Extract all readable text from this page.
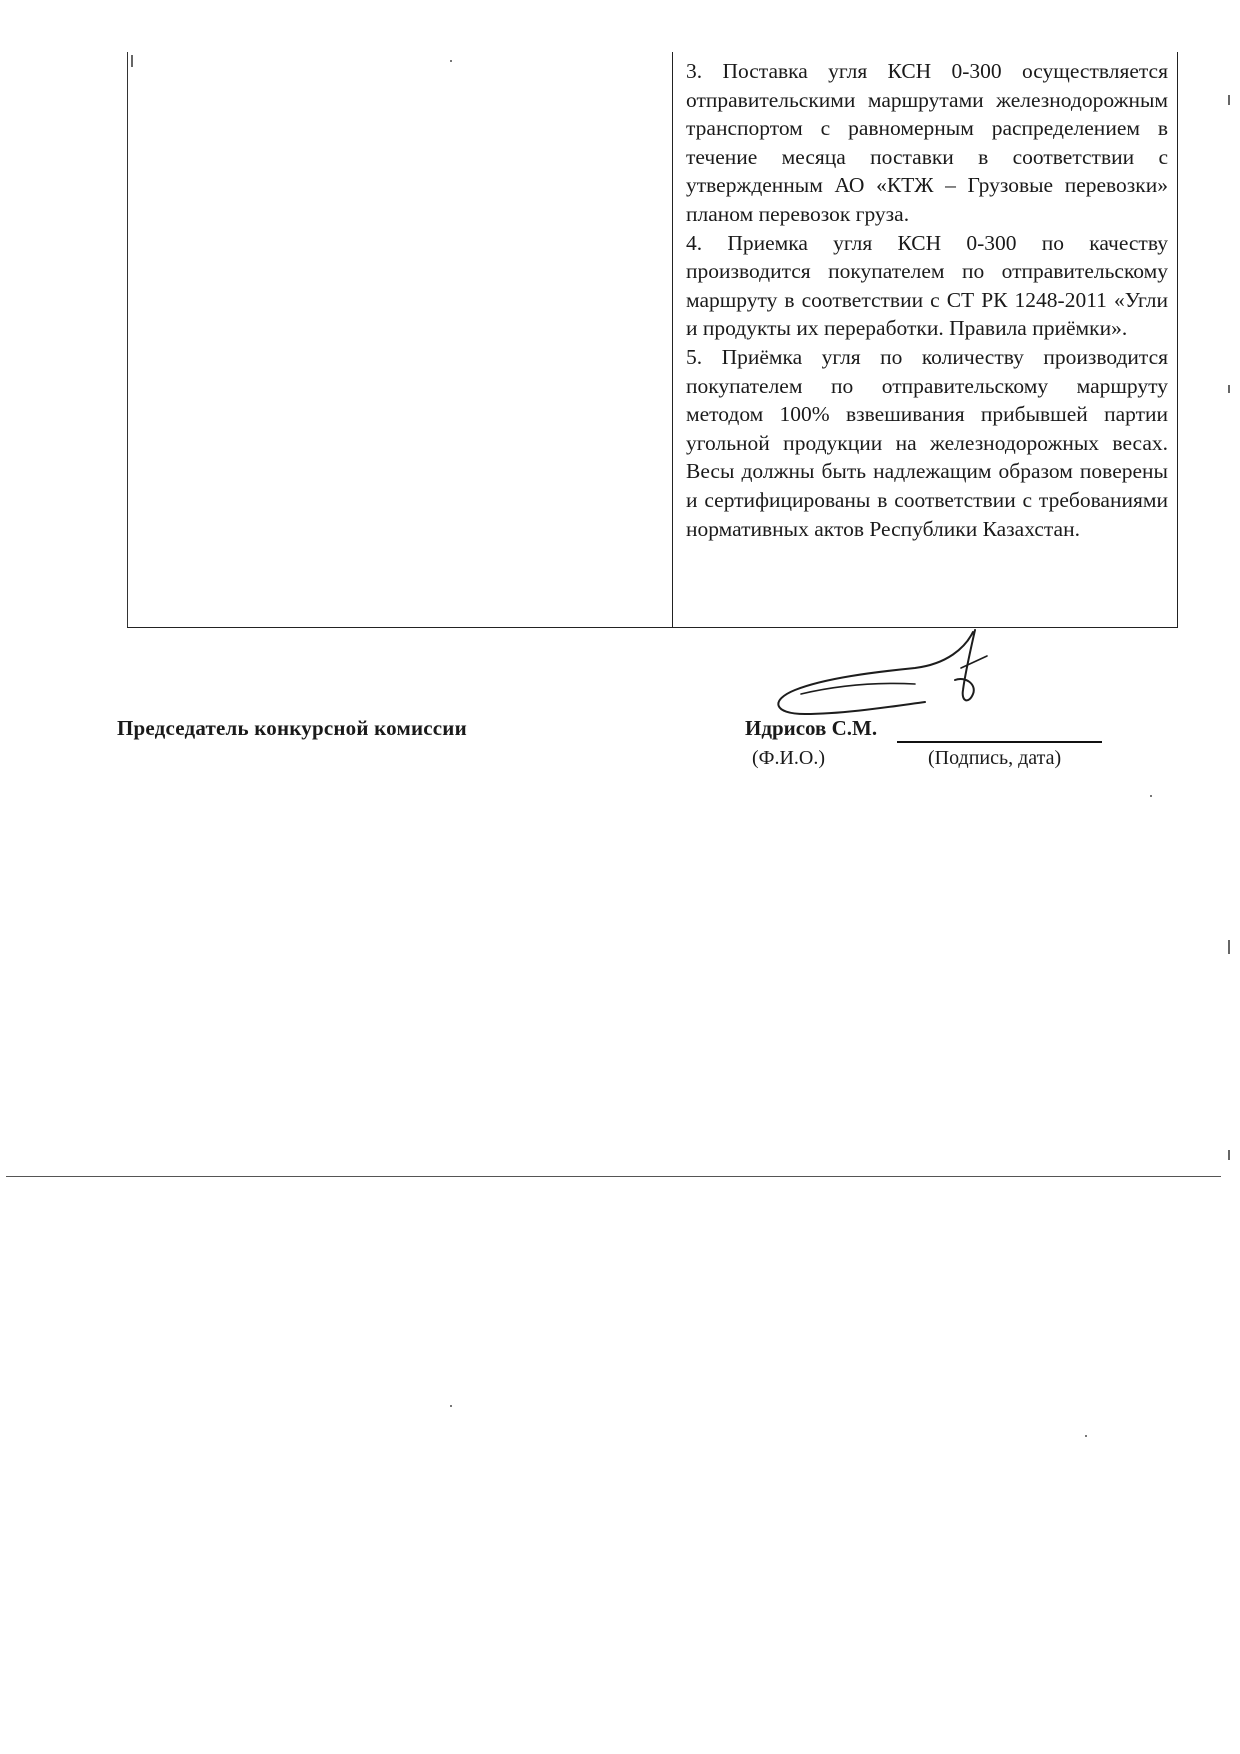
3. Поставка угля КСН 0-300 осуществляется отправительскими маршрутами железнодорожным транспортом с равномерным распределением в течение месяца поставки в соответствии с утвержденным АО «КТЖ – Грузовые перевозки» планом перевозок груза.

4. Приемка угля КСН 0-300 по качеству производится покупателем по отправительскому маршруту в соответствии с СТ РК 1248-2011 «Угли и продукты их переработки. Правила приёмки».

5. Приёмка угля по количеству производится покупателем по отправительскому маршруту методом 100% взвешивания прибывшей партии угольной продукции на железнодорожных весах. Весы должны быть надлежащим образом поверены и сертифицированы в соответствии с требованиями нормативных актов Республики Казахстан.

Председатель конкурсной комиссии	Идрисов С.М.
(Ф.И.О.)	(Подпись, дата)
